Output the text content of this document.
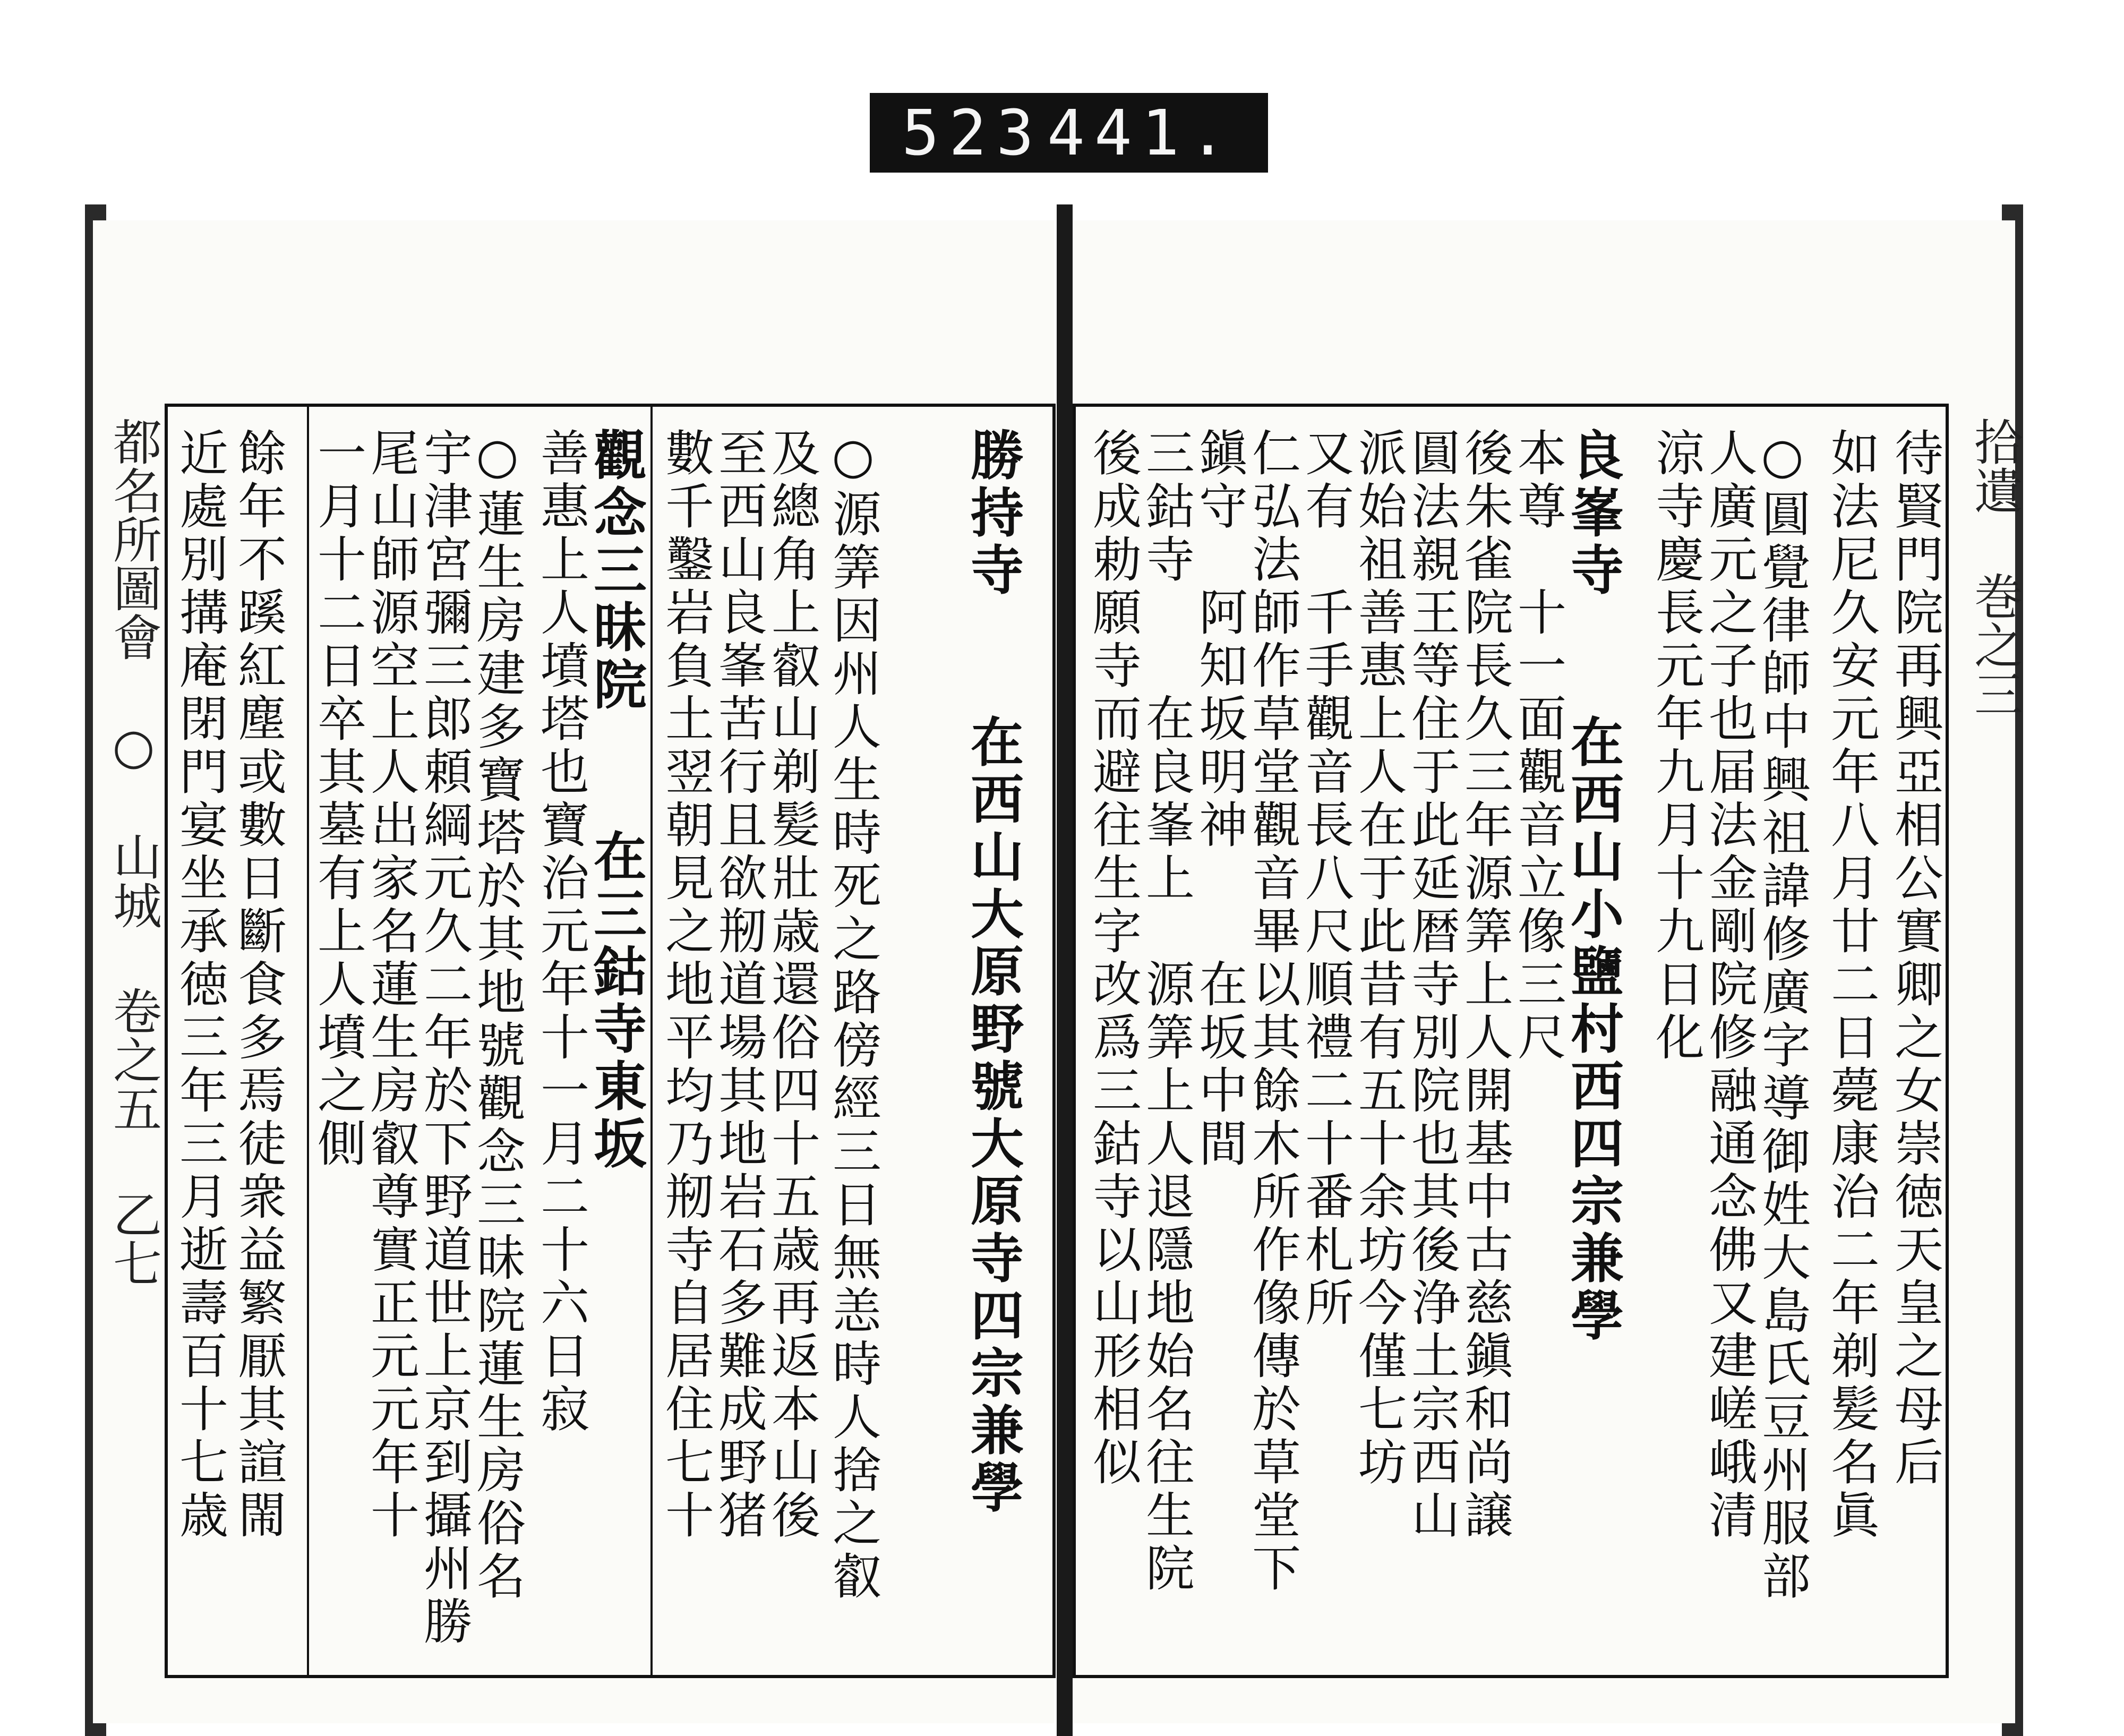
523 441.
都名所圖會 ○ 山城 卷之五 乙七	拾遺 巻之三
近處別搆庵閉門宴坐承徳三年三月逝壽百十七歳 餘年不蹊紅塵或數日斷食多焉徒衆益繁厭其諠閙 一月十二日卒其墓有上人墳之側
尾山師源空上人出家名蓮生房叡尊實正元元年十
宇津宮彌三郎頼綱元久二年於下野道世上京到攝州勝
○蓮生房建多寶塔於其地號觀念三昧院蓮生房俗名 善惠上人墳塔也寶治元年十一月二十六日寂
觀念三昧院　　在三鈷寺東坂 數千鑿岩負土翌朝見之地平均乃剏寺自居住七十
至西山良峯苦行且欲剏道場其地岩石多難成野猪
及總角上叡山剃髪壯歳還俗四十五歳再返本山後 ○源筭因州人生時死之路傍經三日無恙時人捨之叡 勝持寺　　在西山大原野號大原寺四宗兼學 後成勅願寺而避往生字改爲三鈷寺以山形相似
三鈷寺　　在良峯上　源筭上人退隱地始名往生院
鎭守　阿知坂明神　　在坂中間
仁弘法師作草堂觀音畢以其餘木所作像傳於草堂下
又有　千手觀音長八尺順禮二十番札所
派始祖善惠上人在于此昔有五十余坊今僅七坊
圓法親王等住于此延暦寺別院也其後浄土宗西山
後朱雀院長久三年源筭上人開基中古慈鎭和尚譲
本尊　十一面觀音立像三尺
良峯寺　　在西山小鹽村西四宗兼學 涼寺慶長元年九月十九日化
人廣元之子也届法金剛院修融通念佛又建嵯峨清
○圓覺律師中興祖諱修廣字導御姓大島氏豆州服部 如法尼久安元年八月廿二日薨康治二年剃髪名眞 待賢門院再興亞相公實卿之女崇徳天皇之母后
